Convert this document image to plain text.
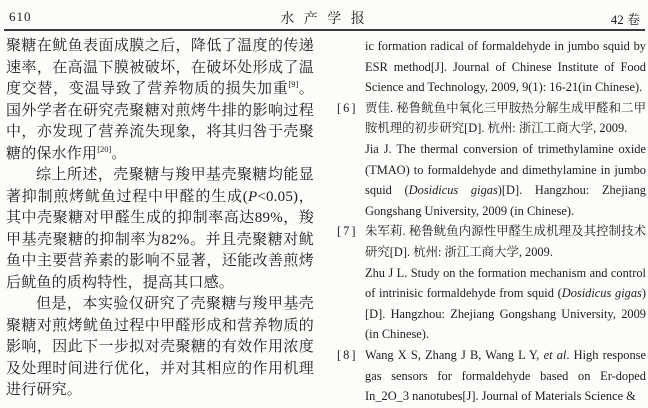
610	水 产 学 报	42 卷

聚糖在鱿鱼表面成膜之后，降低了温度的传递速率，在高温下膜被破坏，在破坏处形成了温度交替，变温导致了营养物质的损失加重[9]。国外学者在研究壳聚糖对煎烤牛排的影响过程中，亦发现了营养流失现象，将其归咎于壳聚糖的保水作用[20]。

综上所述，壳聚糖与羧甲基壳聚糖均能显著抑制煎烤鱿鱼过程中甲醛的生成(P<0.05)，其中壳聚糖对甲醛生成的抑制率高达89%，羧甲基壳聚糖的抑制率为82%。并且壳聚糖对鱿鱼中主要营养素的影响不显著，还能改善煎烤后鱿鱼的质构特性，提高其口感。

但是，本实验仅研究了壳聚糖与羧甲基壳聚糖对煎烤鱿鱼过程中甲醛形成和营养物质的影响，因此下一步拟对壳聚糖的有效作用浓度及处理时间进行优化，并对其相应的作用机理进行研究。

ic formation radical of formaldehyde in jumbo squid by ESR method[J]. Journal of Chinese Institute of Food Science and Technology, 2009, 9(1): 16-21(in Chinese).
[6] 贾佳. 秘鲁鱿鱼中氧化三甲胺热分解生成甲醛和二甲胺机理的初步研究[D]. 杭州: 浙江工商大学, 2009.
Jia J. The thermal conversion of trimethylamine oxide (TMAO) to formaldehyde and dimethylamine in jumbo squid (Dosidicus gigas)[D]. Hangzhou: Zhejiang Gongshang University, 2009 (in Chinese).
[7] 朱军莉. 秘鲁鱿鱼内源性甲醛生成机理及其控制技术研究[D]. 杭州: 浙江工商大学, 2009.
Zhu J L. Study on the formation mechanism and control of intrinisic formaldehyde from squid (Dosidicus gigas)[D]. Hangzhou: Zhejiang Gongshang University, 2009 (in Chinese).
[8] Wang X S, Zhang J B, Wang L Y, et al. High response gas sensors for formaldehyde based on Er-doped In_2O_3 nanotubes[J]. Journal of Materials Science &
